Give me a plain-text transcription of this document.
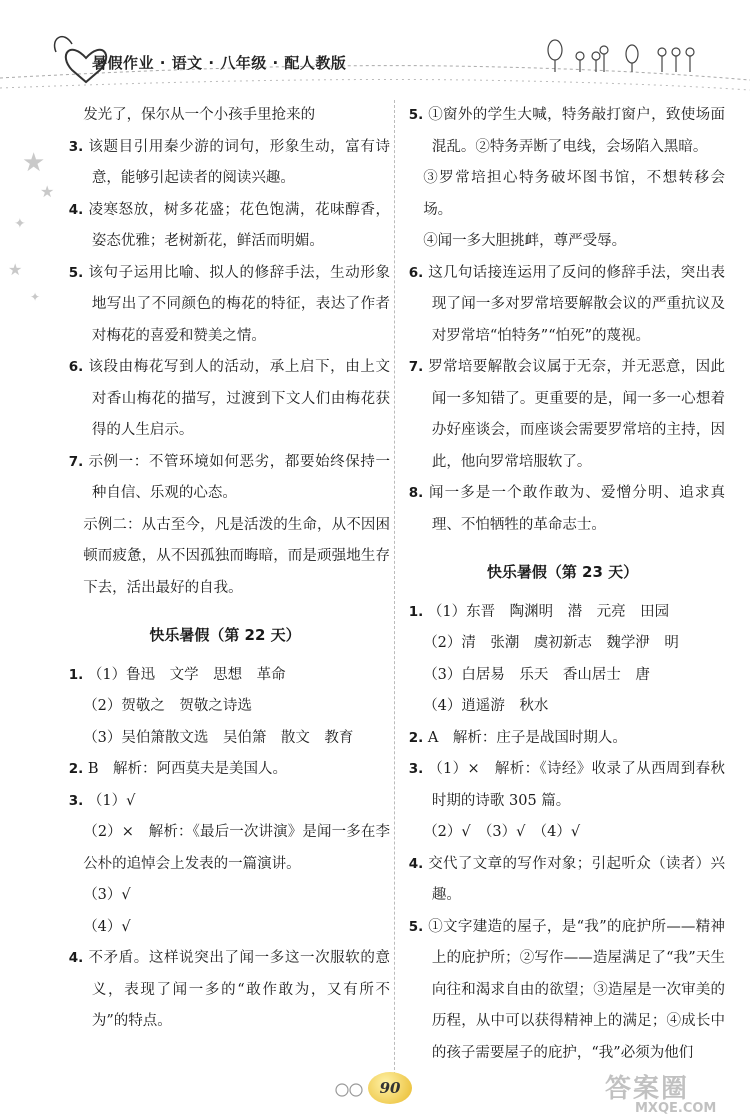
暑假作业 · 语文 · 八年级 · 配人教版
★
★
✦
★
✦

发光了，保尔从一个小孩手里抢来的

3. 该题目引用秦少游的词句，形象生动，富有诗意，能够引起读者的阅读兴趣。

4. 凌寒怒放，树多花盛；花色饱满，花味醇香，姿态优雅；老树新花，鲜活而明媚。

5. 该句子运用比喻、拟人的修辞手法，生动形象地写出了不同颜色的梅花的特征，表达了作者对梅花的喜爱和赞美之情。

6. 该段由梅花写到人的活动，承上启下，由上文对香山梅花的描写，过渡到下文人们由梅花获得的人生启示。

7. 示例一：不管环境如何恶劣，都要始终保持一种自信、乐观的心态。

示例二：从古至今，凡是活泼的生命，从不因困顿而疲惫，从不因孤独而晦暗，而是顽强地生存下去，活出最好的自我。

快乐暑假（第 22 天）

1. （1）鲁迅　文学　思想　革命

（2）贺敬之　贺敬之诗选

（3）吴伯箫散文选　吴伯箫　散文　教育

2. B　解析：阿西莫夫是美国人。

3. （1）√

（2）×　解析：《最后一次讲演》是闻一多在李公朴的追悼会上发表的一篇演讲。

（3）√

（4）√

4. 不矛盾。这样说突出了闻一多这一次服软的意义，表现了闻一多的“敢作敢为，又有所不为”的特点。

5. ①窗外的学生大喊，特务敲打窗户，致使场面混乱。②特务弄断了电线，会场陷入黑暗。

③罗常培担心特务破坏图书馆，不想转移会场。

④闻一多大胆挑衅，尊严受辱。

6. 这几句话接连运用了反问的修辞手法，突出表现了闻一多对罗常培要解散会议的严重抗议及对罗常培“怕特务”“怕死”的蔑视。

7. 罗常培要解散会议属于无奈，并无恶意，因此闻一多知错了。更重要的是，闻一多一心想着办好座谈会，而座谈会需要罗常培的主持，因此，他向罗常培服软了。

8. 闻一多是一个敢作敢为、爱憎分明、追求真理、不怕牺牲的革命志士。

快乐暑假（第 23 天）

1. （1）东晋　陶渊明　潜　元亮　田园

（2）清　张潮　虞初新志　魏学洢　明

（3）白居易　乐天　香山居士　唐

（4）逍遥游　秋水

2. A　解析：庄子是战国时期人。

3. （1）×　解析：《诗经》收录了从西周到春秋时期的诗歌 305 篇。

（2）√　（3）√　（4）√

4. 交代了文章的写作对象；引起听众（读者）兴趣。

5. ①文字建造的屋子，是“我”的庇护所——精神上的庇护所；②写作——造屋满足了“我”天生向往和渴求自由的欲望；③造屋是一次审美的历程，从中可以获得精神上的满足；④成长中的孩子需要屋子的庇护，“我”必须为他们

90	答案圈
MXQE.COM
